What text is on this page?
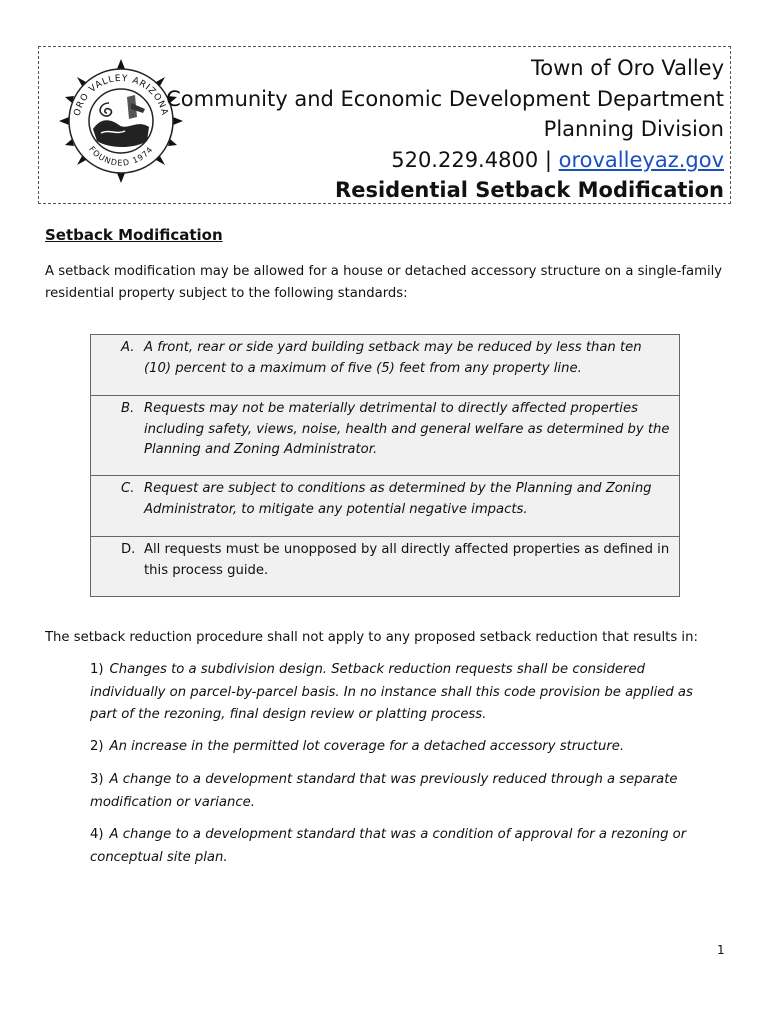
ORO VALLEY ARIZONA
FOUNDED 1974
Town of Oro Valley
Community and Economic Development Department
Planning Division
520.229.4800 | orovalleyaz.gov
Residential Setback Modification
Setback Modification
A setback modification may be allowed for a house or detached accessory structure on a single-family residential property subject to the following standards:
A. A front, rear or side yard building setback may be reduced by less than ten (10) percent to a maximum of five (5) feet from any property line.
B. Requests may not be materially detrimental to directly affected properties including safety, views, noise, health and general welfare as determined by the Planning and Zoning Administrator.
C. Request are subject to conditions as determined by the Planning and Zoning Administrator, to mitigate any potential negative impacts.
D. All requests must be unopposed by all directly affected properties as defined in this process guide.
The setback reduction procedure shall not apply to any proposed setback reduction that results in:
1) Changes to a subdivision design. Setback reduction requests shall be considered individually on parcel-by-parcel basis. In no instance shall this code provision be applied as part of the rezoning, final design review or platting process.
2) An increase in the permitted lot coverage for a detached accessory structure.
3) A change to a development standard that was previously reduced through a separate modification or variance.
4) A change to a development standard that was a condition of approval for a rezoning or conceptual site plan.
1
